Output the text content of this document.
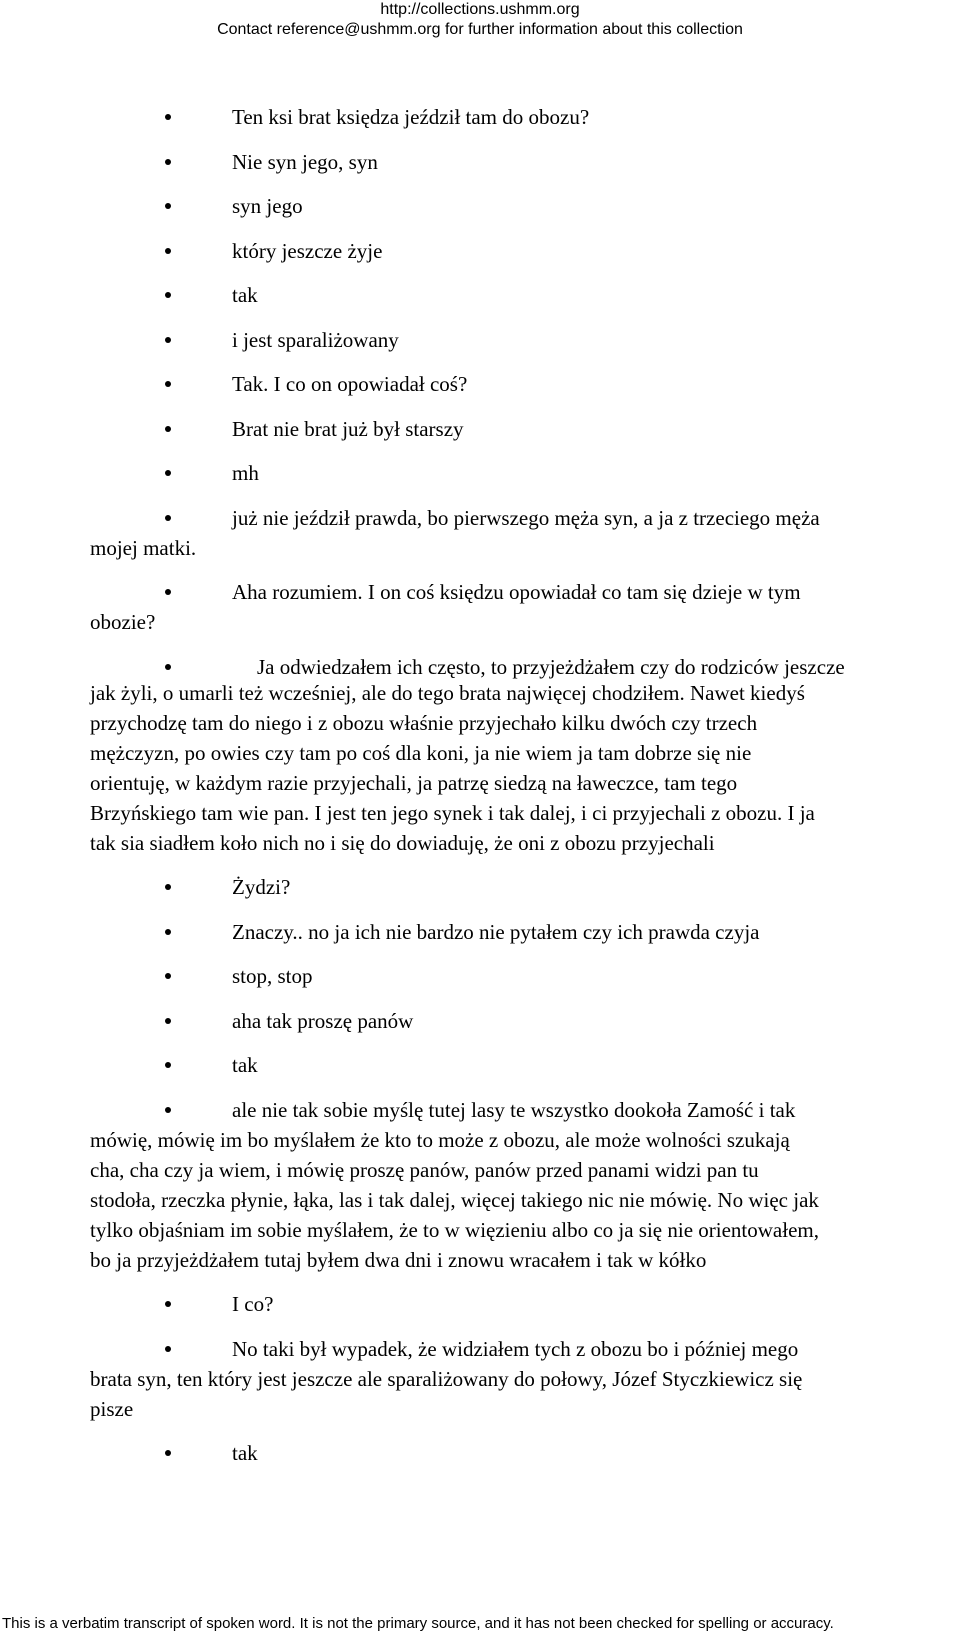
http://collections.ushmm.org
Contact reference@ushmm.org for further information about this collection
Ten ksi brat księdza jeździł tam do obozu?
Nie syn jego, syn
syn jego
który jeszcze żyje
tak
i jest sparaliżowany
Tak. I co on opowiadał coś?
Brat nie brat już był starszy
mh
już nie jeździł prawda, bo pierwszego męża syn, a ja z trzeciego męża
mojej matki.
Aha rozumiem. I on coś księdzu opowiadał co tam się dzieje w tym
obozie?
Ja odwiedzałem ich często, to przyjeżdżałem czy do rodziców jeszcze
jak żyli, o umarli też wcześniej, ale do tego brata najwięcej chodziłem. Nawet kiedyś
przychodzę tam do niego i z obozu właśnie przyjechało kilku dwóch czy trzech
mężczyzn, po owies czy tam po coś dla koni, ja nie wiem ja tam dobrze się nie
orientuję, w każdym razie przyjechali, ja patrzę siedzą na ławeczce, tam tego
Brzyńskiego tam wie pan. I jest ten jego synek i tak dalej, i ci przyjechali z obozu. I ja
tak sia siadłem koło nich no i się do dowiaduję, że oni z obozu przyjechali
Żydzi?
Znaczy.. no ja ich nie bardzo nie pytałem czy ich prawda czyja
stop, stop
aha tak proszę panów
tak
ale nie tak sobie myślę tutej lasy te wszystko dookoła Zamość i tak
mówię, mówię im bo myślałem że kto to może z obozu, ale może wolności szukają
cha, cha czy ja wiem, i mówię proszę panów, panów przed panami widzi pan tu
stodoła, rzeczka płynie, łąka, las i tak dalej, więcej takiego nic nie mówię. No więc jak
tylko objaśniam im sobie myślałem, że to w więzieniu albo co ja się nie orientowałem,
bo ja przyjeżdżałem tutaj byłem dwa dni i znowu wracałem i tak w kółko
I co?
No taki był wypadek, że widziałem tych z obozu bo i później mego
brata syn, ten który jest jeszcze ale sparaliżowany do połowy, Józef Styczkiewicz się
pisze
tak
This is a verbatim transcript of spoken word. It is not the primary source, and it has not been checked for spelling or accuracy.
